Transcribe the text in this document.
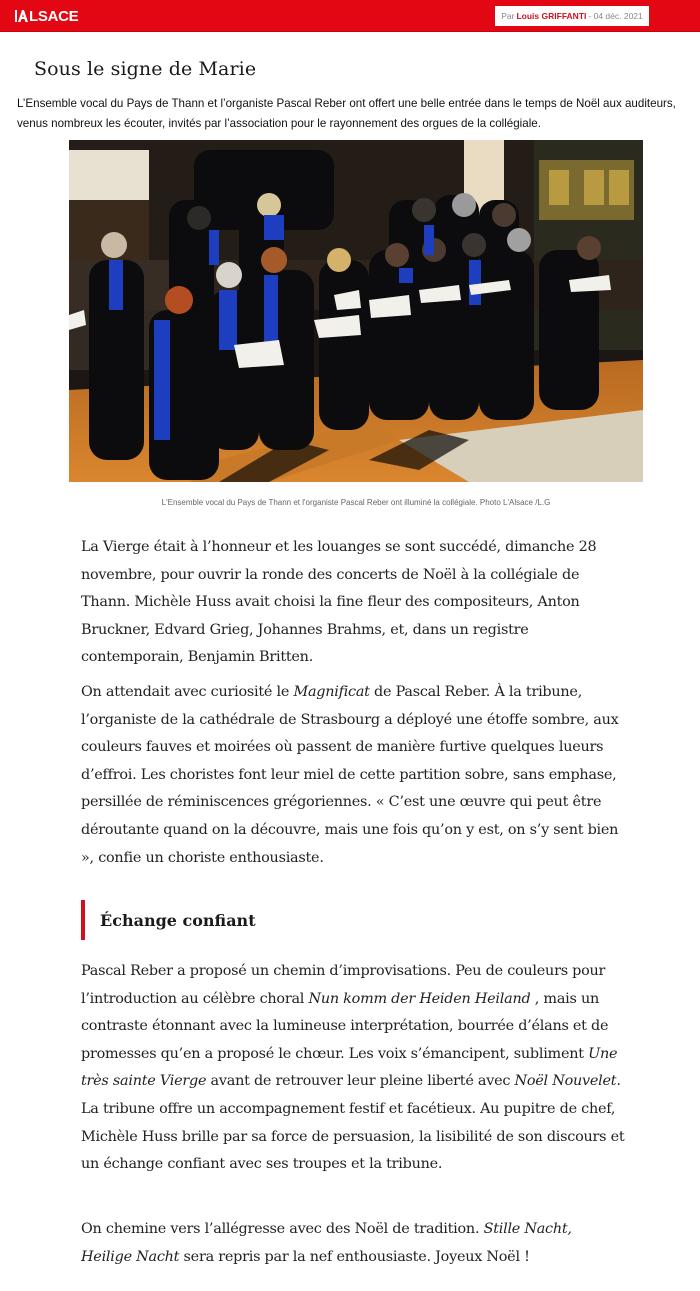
LSACE	Par Louis GRIFFANTI -
04 déc. 2021
Sous le signe de Marie
L’Ensemble vocal du Pays de Thann et l’organiste Pascal Reber ont offert une belle entrée dans le temps de Noël aux auditeurs, venus nombreux les écouter, invités par l’association pour le rayonnement des orgues de la collégiale.
L'Ensemble vocal du Pays de Thann et l'organiste Pascal Reber ont illuminé la collégiale. Photo L'Alsace /L.G

La Vierge était à l’honneur et les louanges se sont succédé, dimanche 28 novembre, pour ouvrir la ronde des concerts de Noël à la collégiale de Thann. Michèle Huss avait choisi la fine fleur des compositeurs, Anton Bruckner, Edvard Grieg, Johannes Brahms, et, dans un registre contemporain, Benjamin Britten.

On attendait avec curiosité le Magnificat de Pascal Reber. À la tribune, l’organiste de la cathédrale de Strasbourg a déployé une étoffe sombre, aux couleurs fauves et moirées où passent de manière furtive quelques lueurs d’effroi. Les choristes font leur miel de cette partition sobre, sans emphase, persillée de réminiscences grégoriennes. « C’est une œuvre qui peut être déroutante quand on la découvre, mais une fois qu’on y est, on s’y sent bien », confie un choriste enthousiaste.

Échange confiant

Pascal Reber a proposé un chemin d’improvisations. Peu de couleurs pour l’introduction au célèbre choral Nun komm der Heiden Heiland , mais un contraste étonnant avec la lumineuse interprétation, bourrée d’élans et de promesses qu’en a proposé le chœur. Les voix s’émancipent, subliment Une très sainte Vierge avant de retrouver leur pleine liberté avec Noël Nouvelet. La tribune offre un accompagnement festif et facétieux. Au pupitre de chef, Michèle Huss brille par sa force de persuasion, la lisibilité de son discours et un échange confiant avec ses troupes et la tribune.

On chemine vers l’allégresse avec des Noël de tradition. Stille Nacht, Heilige Nacht sera repris par la nef enthousiaste. Joyeux Noël !
